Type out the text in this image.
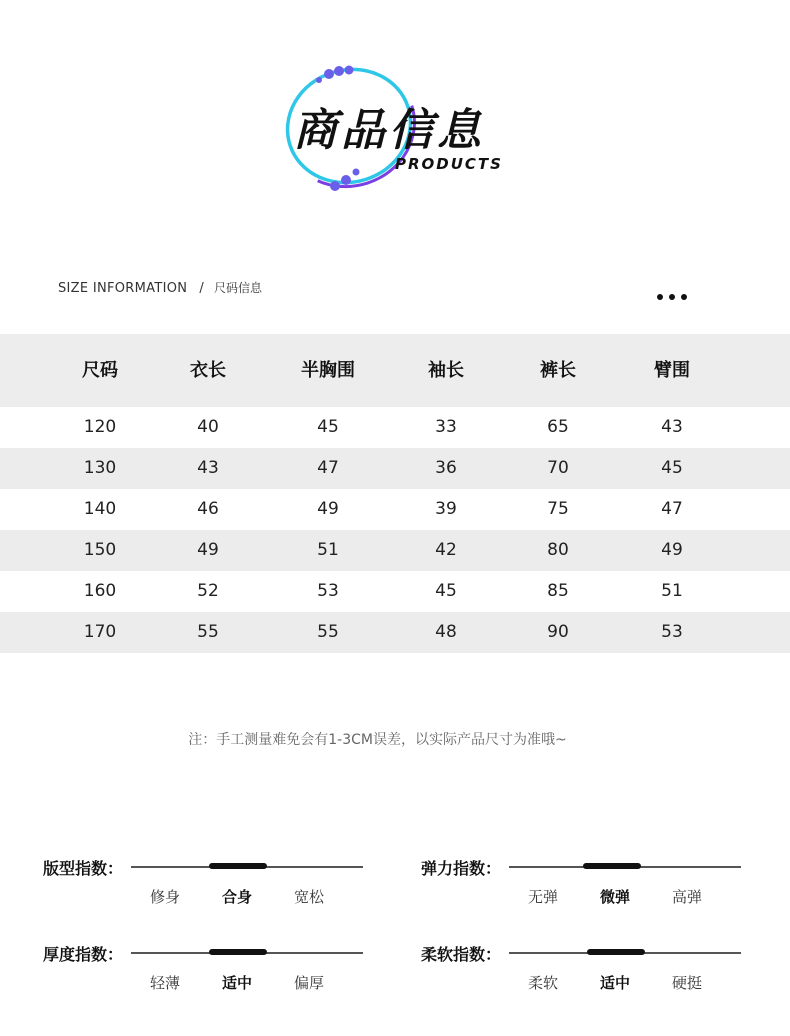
商品信息

PRODUCTS

SIZE INFORMATION / 尺码信息
尺码	衣长	半胸围	袖长	裤长	臂围
120	40	45	33	65	43
130	43	47	36	70	45
140	46	49	39	75	47
150	49	51	42	80	49
160	52	53	45	85	51
170	55	55	48	90	53
注：手工测量难免会有1-3CM误差，以实际产品尺寸为准哦~
版型指数：
修身	合身	宽松
弹力指数：
无弹	微弹	高弹
厚度指数：
轻薄	适中	偏厚
柔软指数：
柔软	适中	硬挺
